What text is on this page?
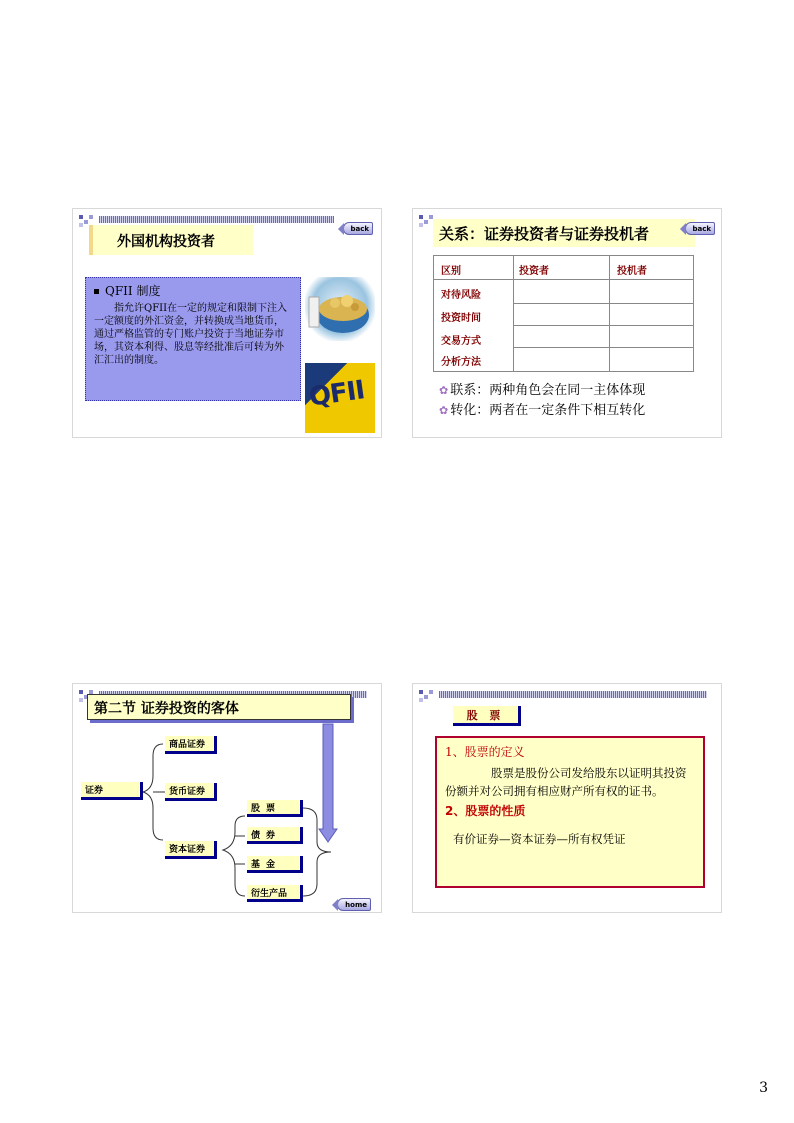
back
外国机构投资者
QFII 制度
指允许QFII在一定的规定和限制下注入一定额度的外汇资金，并转换成当地货币，通过严格监管的专门账户投资于当地证券市场，其资本利得、股息等经批准后可转为外汇汇出的制度。
QFII
关系：证券投资者与证券投机者	back
区别	投资者	投机者
对待风险
投资时间
交易方式
分析方法
✿ 联系：两种角色会在同一主体体现
✿ 转化：两者在一定条件下相互转化
第二节 证券投资的客体
证券
商品证券
货币证券
资本证券
股票
债券
基金
衍生产品
home
股 票
1、股票的定义
股票是股份公司发给股东以证明其投资份额并对公司拥有相应财产所有权的证书。
2、股票的性质
有价证券—资本证券—所有权凭证
3
